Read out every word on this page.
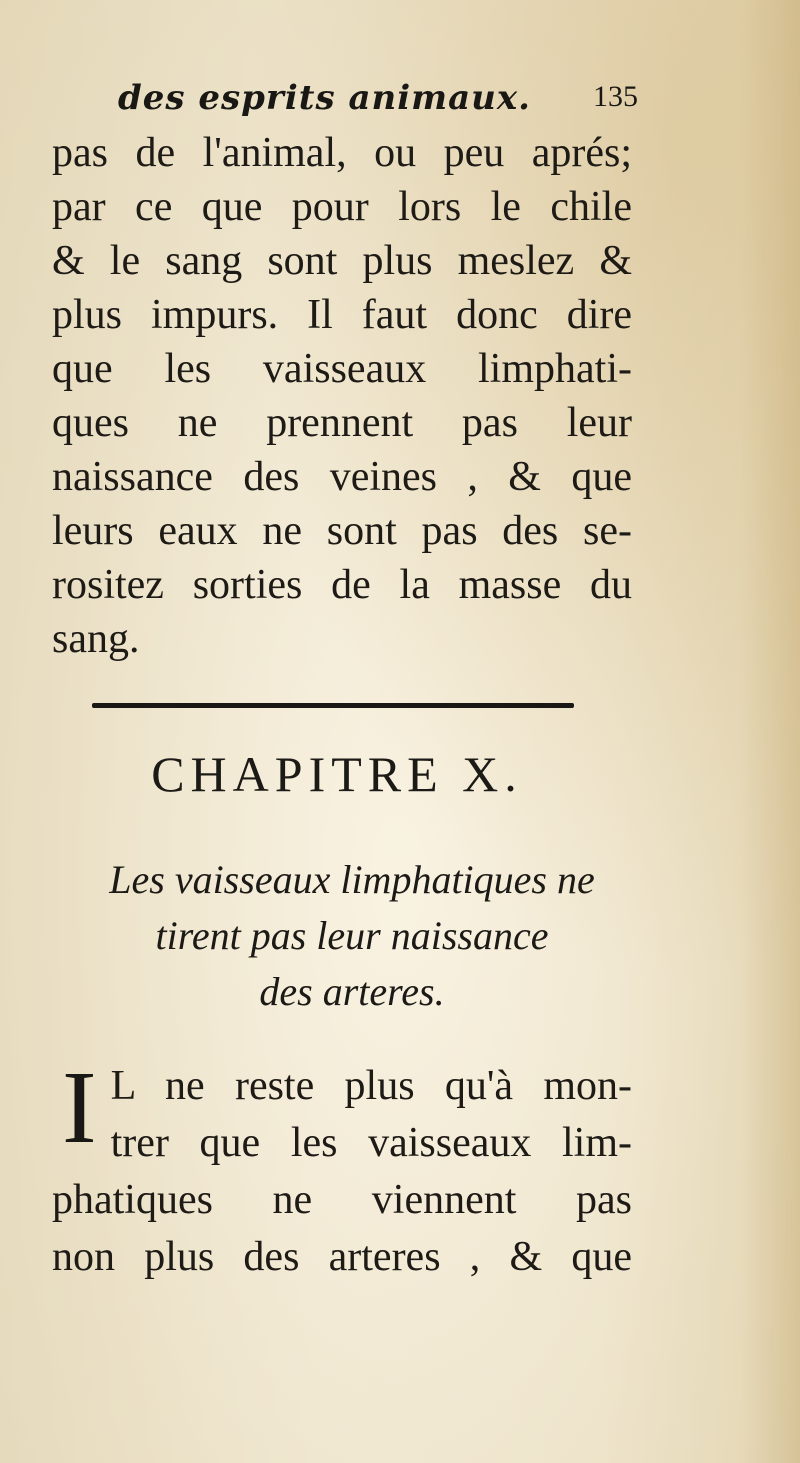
des esprits animaux. 135
pas de l'animal, ou peu aprés;
par ce que pour lors le chile
& le sang sont plus meslez &
plus impurs. Il faut donc dire
que les vaisseaux limphati-
ques ne prennent pas leur
naissance des veines , & que
leurs eaux ne sont pas des se-
rositez sorties de la masse du
sang.
CHAPITRE X.
Les vaisseaux limphatiques ne
tirent pas leur naissance
des arteres.
I L ne reste plus qu'à mon-
trer que les vaisseaux lim-
phatiques ne viennent pas
non plus des arteres , & que
